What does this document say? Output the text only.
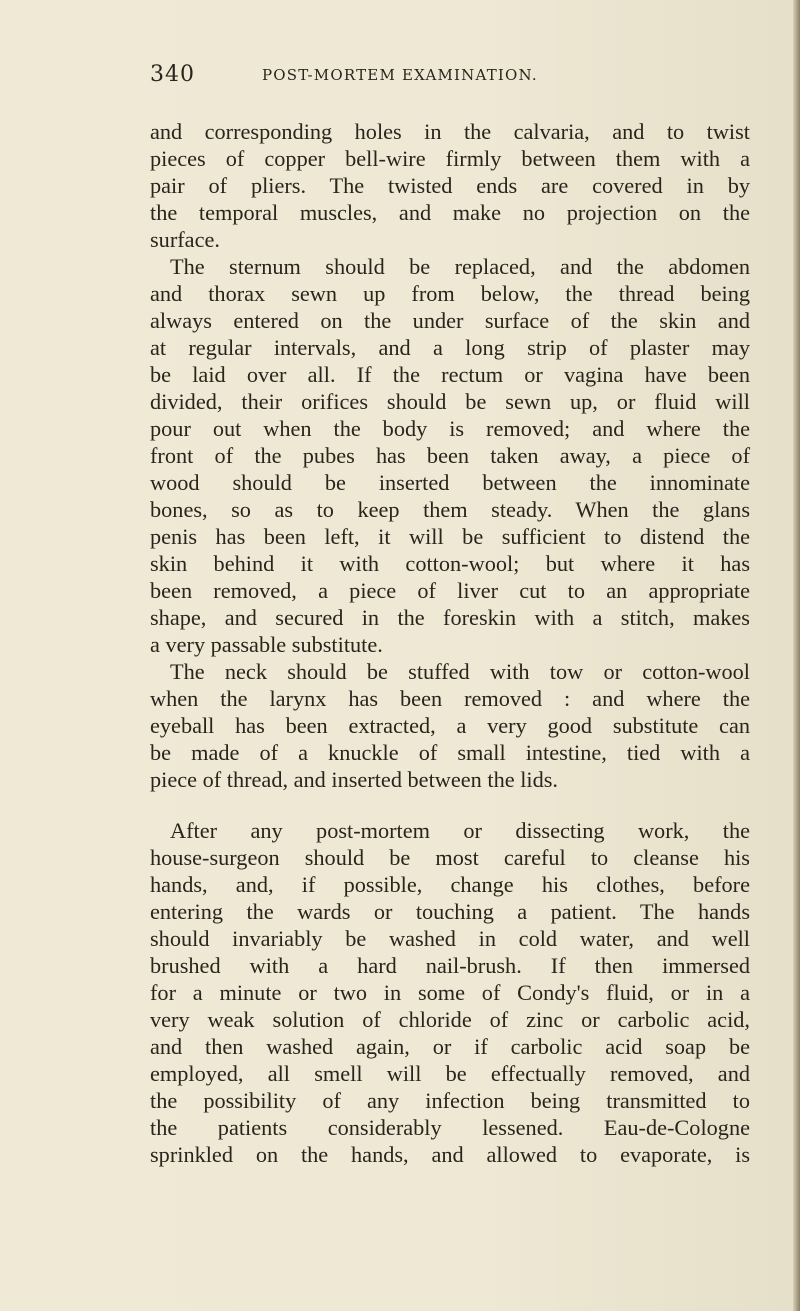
340	POST-MORTEM EXAMINATION.
and corresponding holes in the calvaria, and to twist
pieces of copper bell-wire firmly between them with a
pair of pliers. The twisted ends are covered in by
the temporal muscles, and make no projection on the
surface.
The sternum should be replaced, and the abdomen
and thorax sewn up from below, the thread being
always entered on the under surface of the skin and
at regular intervals, and a long strip of plaster may
be laid over all. If the rectum or vagina have been
divided, their orifices should be sewn up, or fluid will
pour out when the body is removed; and where the
front of the pubes has been taken away, a piece of
wood should be inserted between the innominate
bones, so as to keep them steady. When the glans
penis has been left, it will be sufficient to distend the
skin behind it with cotton-wool; but where it has
been removed, a piece of liver cut to an appropriate
shape, and secured in the foreskin with a stitch, makes
a very passable substitute.
The neck should be stuffed with tow or cotton-wool
when the larynx has been removed : and where the
eyeball has been extracted, a very good substitute can
be made of a knuckle of small intestine, tied with a
piece of thread, and inserted between the lids.
After any post-mortem or dissecting work, the
house-surgeon should be most careful to cleanse his
hands, and, if possible, change his clothes, before
entering the wards or touching a patient. The hands
should invariably be washed in cold water, and well
brushed with a hard nail-brush. If then immersed
for a minute or two in some of Condy's fluid, or in a
very weak solution of chloride of zinc or carbolic acid,
and then washed again, or if carbolic acid soap be
employed, all smell will be effectually removed, and
the possibility of any infection being transmitted to
the patients considerably lessened. Eau-de-Cologne
sprinkled on the hands, and allowed to evaporate, is
